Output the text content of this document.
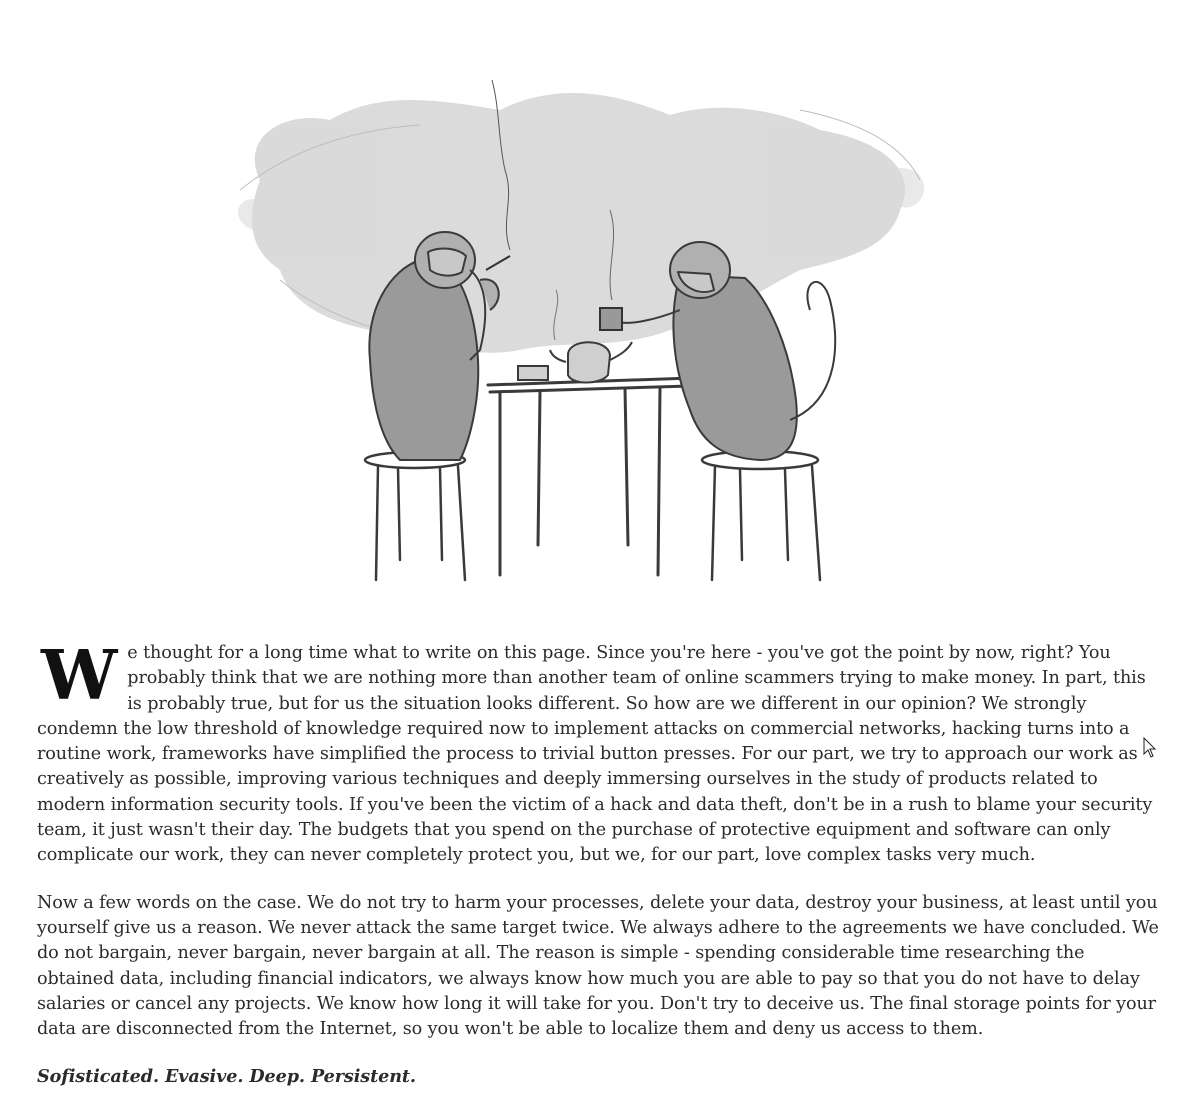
W e thought for a long time what to write on this page. Since you're here - you've got the point by now, right? You probably think that we are nothing more than another team of online scammers trying to make money. In part, this is probably true, but for us the situation looks different. So how are we different in our opinion? We strongly condemn the low threshold of knowledge required now to implement attacks on commercial networks, hacking turns into a routine work, frameworks have simplified the process to trivial button presses. For our part, we try to approach our work as creatively as possible, improving various techniques and deeply immersing ourselves in the study of products related to modern information security tools. If you've been the victim of a hack and data theft, don't be in a rush to blame your security team, it just wasn't their day. The budgets that you spend on the purchase of protective equipment and software can only complicate our work, they can never completely protect you, but we, for our part, love complex tasks very much.

Now a few words on the case. We do not try to harm your processes, delete your data, destroy your business, at least until you yourself give us a reason. We never attack the same target twice. We always adhere to the agreements we have concluded. We do not bargain, never bargain, never bargain at all. The reason is simple - spending considerable time researching the obtained data, including financial indicators, we always know how much you are able to pay so that you do not have to delay salaries or cancel any projects. We know how long it will take for you. Don't try to deceive us. The final storage points for your data are disconnected from the Internet, so you won't be able to localize them and deny us access to them.

Sofisticated. Evasive. Deep. Persistent.
